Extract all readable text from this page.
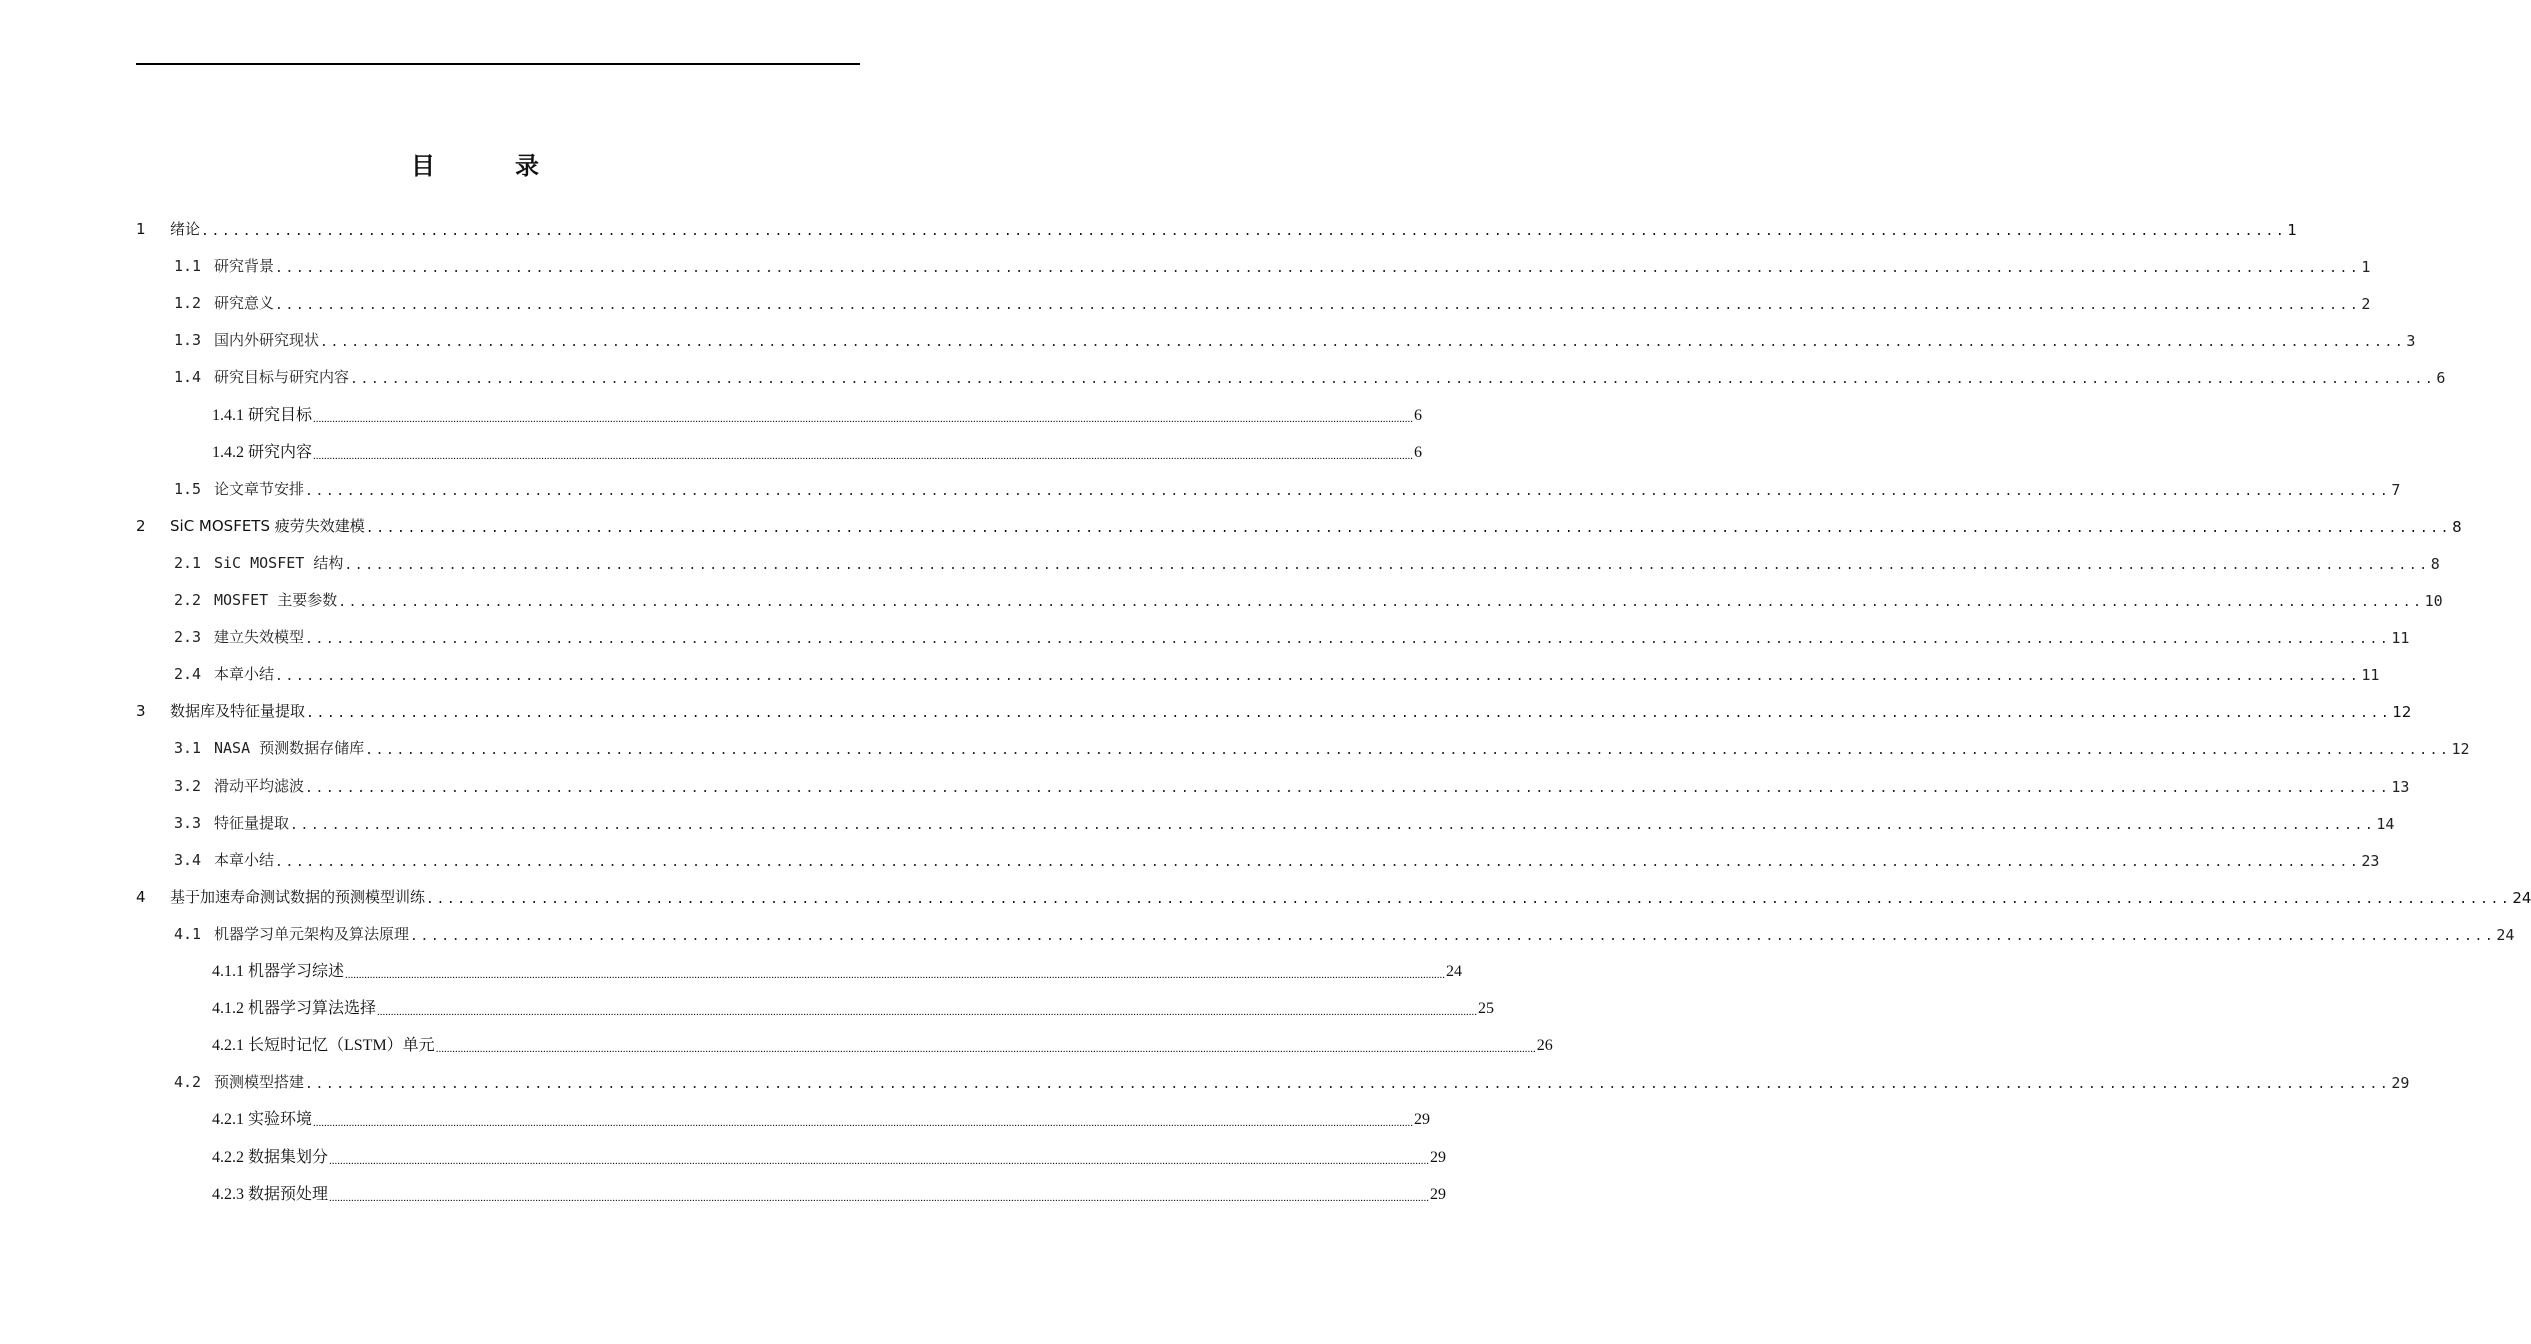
目	录
1 绪论 ........................................................................................................................................................................................................ 1
1.1 研究背景 ........................................................................................................................................................................................................ 1
1.2 研究意义 ........................................................................................................................................................................................................ 2
1.3 国内外研究现状 ........................................................................................................................................................................................................ 3
1.4 研究目标与研究内容 ........................................................................................................................................................................................................ 6
1.4.1 研究目标 ................................................................................................................................................................................................................................................................................................................................................................................................................ 6
1.4.2 研究内容 ................................................................................................................................................................................................................................................................................................................................................................................................................ 6
1.5 论文章节安排 ........................................................................................................................................................................................................ 7
2 SiC MOSFETS 疲劳失效建模 ........................................................................................................................................................................................................ 8
2.1 SiC MOSFET 结构 ........................................................................................................................................................................................................ 8
2.2 MOSFET 主要参数 ........................................................................................................................................................................................................ 10
2.3 建立失效模型 ........................................................................................................................................................................................................ 11
2.4 本章小结 ........................................................................................................................................................................................................ 11
3 数据库及特征量提取 ........................................................................................................................................................................................................ 12
3.1 NASA 预测数据存储库 ........................................................................................................................................................................................................ 12
3.2 滑动平均滤波 ........................................................................................................................................................................................................ 13
3.3 特征量提取 ........................................................................................................................................................................................................ 14
3.4 本章小结 ........................................................................................................................................................................................................ 23
4 基于加速寿命测试数据的预测模型训练 ........................................................................................................................................................................................................ 24
4.1 机器学习单元架构及算法原理 ........................................................................................................................................................................................................ 24
4.1.1 机器学习综述 ................................................................................................................................................................................................................................................................................................................................................................................................................ 24
4.1.2 机器学习算法选择 ................................................................................................................................................................................................................................................................................................................................................................................................................ 25
4.2.1 长短时记忆（LSTM）单元 ................................................................................................................................................................................................................................................................................................................................................................................................................ 26
4.2 预测模型搭建 ........................................................................................................................................................................................................ 29
4.2.1 实验环境 ................................................................................................................................................................................................................................................................................................................................................................................................................ 29
4.2.2 数据集划分 ................................................................................................................................................................................................................................................................................................................................................................................................................ 29
4.2.3 数据预处理 ................................................................................................................................................................................................................................................................................................................................................................................................................ 29
